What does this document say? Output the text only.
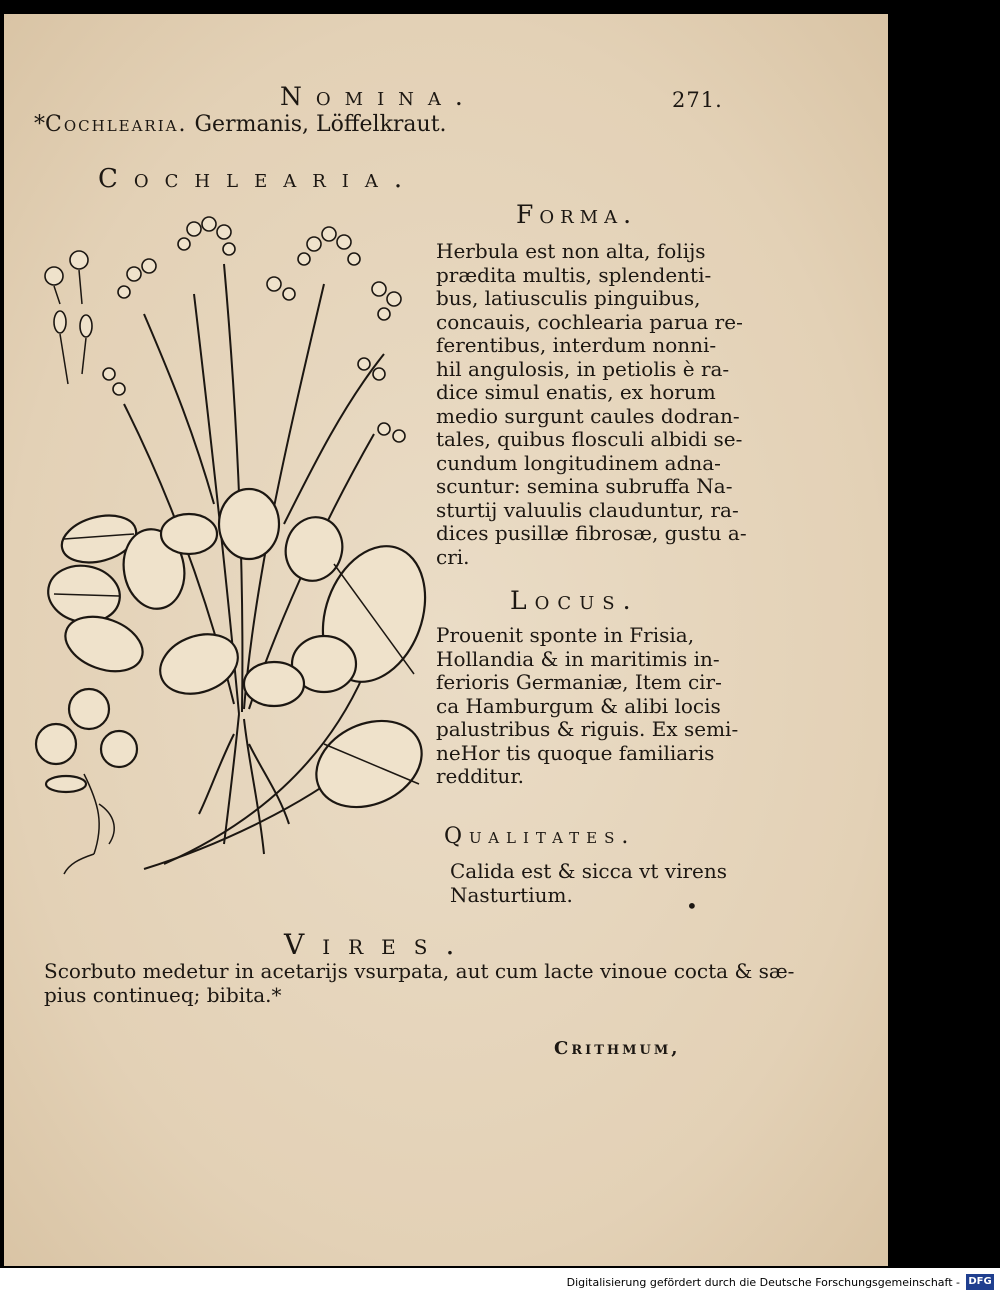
Nomina.	271.
*Cochlearia. Germanis, Löffelkraut.
Cochlearia.
Forma.
Herbula est non alta, folijs
prædita multis, splendenti-
bus, latiusculis pinguibus,
concauis, cochlearia parua re-
ferentibus, interdum nonni-
hil angulosis, in petiolis è ra-
dice simul enatis, ex horum
medio surgunt caules dodran-
tales, quibus flosculi albidi se-
cundum longitudinem adna-
scuntur: semina subruffa Na-
sturtij valuulis clauduntur, ra-
dices pusillæ fibrosæ, gustu a-
cri.
Locus.
Prouenit sponte in Frisia,
Hollandia & in maritimis in-
ferioris Germaniæ, Item cir-
ca Hamburgum & alibi locis
palustribus & riguis. Ex semi-
neHor tis quoque familiaris
redditur.
Qualitates.
Calida est & sicca vt virens
Nasturtium.	•
Vires.
Scorbuto medetur in acetarijs vsurpata, aut cum lacte vinoue cocta & sæ-
pius continueq; bibita.*
Crithmum,
Digitalisierung gefördert durch die Deutsche Forschungsgemeinschaft - DFG
